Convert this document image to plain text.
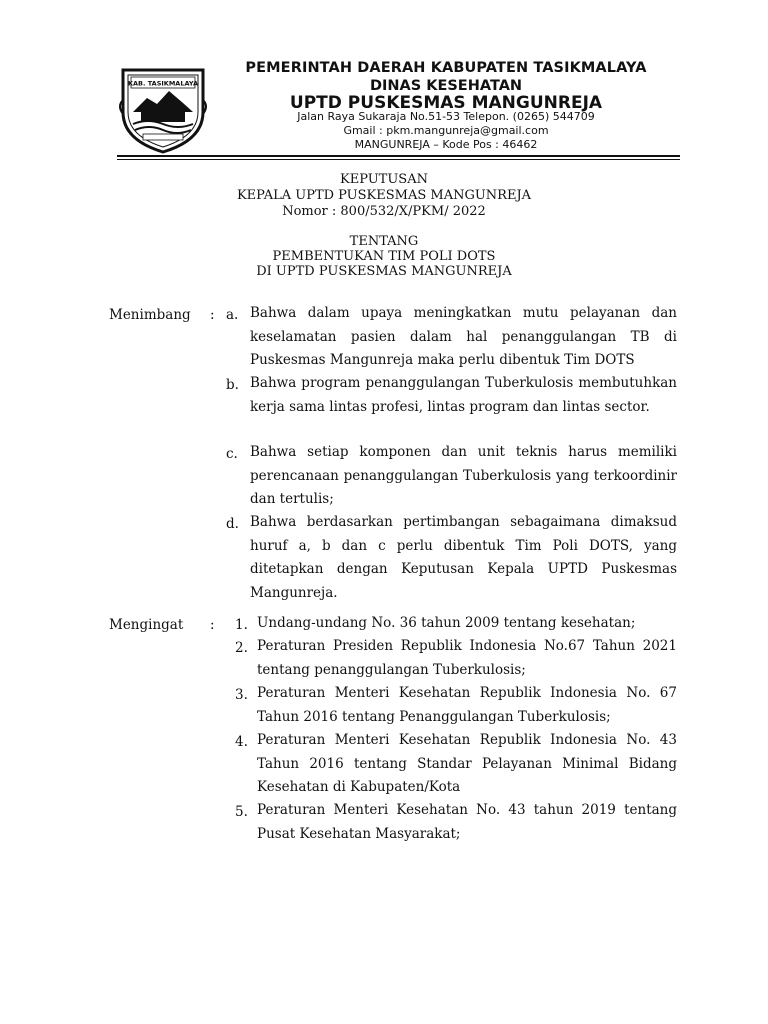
KAB. TASIKMALAYA
PEMERINTAH DAERAH KABUPATEN TASIKMALAYA
DINAS KESEHATAN
UPTD PUSKESMAS MANGUNREJA
Jalan Raya Sukaraja No.51-53 Telepon. (0265) 544709
Gmail : pkm.mangunreja@gmail.com
MANGUNREJA – Kode Pos : 46462
KEPUTUSAN
KEPALA UPTD PUSKESMAS MANGUNREJA
Nomor : 800/532/X/PKM/ 2022
TENTANG
PEMBENTUKAN TIM POLI DOTS
DI UPTD PUSKESMAS MANGUNREJA
Menimbang : a. Bahwa dalam upaya meningkatkan mutu pelayanan dan keselamatan pasien dalam hal penanggulangan TB di Puskesmas Mangunreja maka perlu dibentuk Tim DOTS

b. Bahwa program penanggulangan Tuberkulosis membutuhkan kerja sama lintas profesi, lintas program dan lintas sector.

c. Bahwa setiap komponen dan unit teknis harus memiliki perencanaan penanggulangan Tuberkulosis yang terkoordinir dan tertulis;

d. Bahwa berdasarkan pertimbangan sebagaimana dimaksud huruf a, b dan c perlu dibentuk Tim Poli DOTS, yang ditetapkan dengan Keputusan Kepala UPTD Puskesmas Mangunreja.

Mengingat : 1. Undang-undang No. 36 tahun 2009 tentang kesehatan;

2. Peraturan Presiden Republik Indonesia No.67 Tahun 2021 tentang penanggulangan Tuberkulosis;

3. Peraturan Menteri Kesehatan Republik Indonesia No. 67 Tahun 2016 tentang Penanggulangan Tuberkulosis;

4. Peraturan Menteri Kesehatan Republik Indonesia No. 43 Tahun 2016 tentang Standar Pelayanan Minimal Bidang Kesehatan di Kabupaten/Kota

5. Peraturan Menteri Kesehatan No. 43 tahun 2019 tentang Pusat Kesehatan Masyarakat;
